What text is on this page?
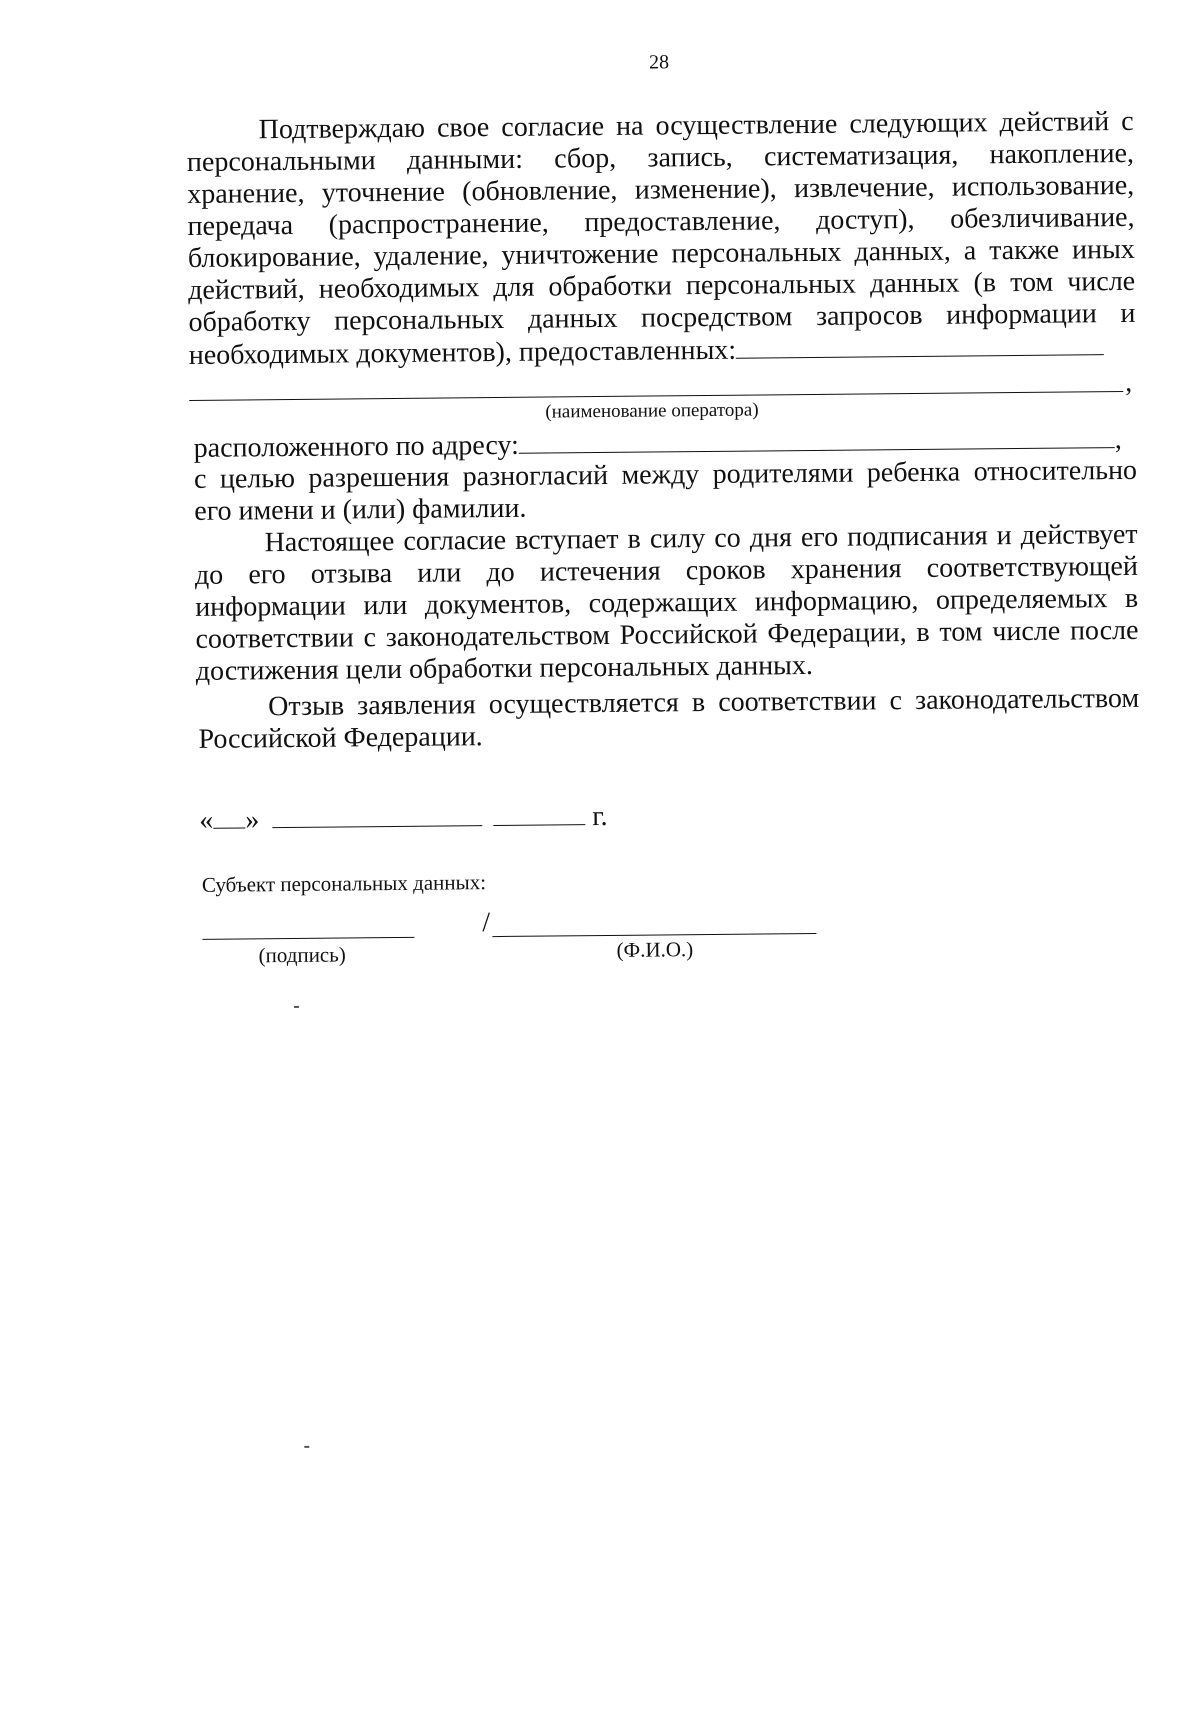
28
Подтверждаю свое согласие на осуществление следующих действий с
персональными данными: сбор, запись, систематизация, накопление,
хранение, уточнение (обновление, изменение), извлечение, использование,
передача (распространение, предоставление, доступ), обезличивание,
блокирование, удаление, уничтожение персональных данных, а также иных
действий, необходимых для обработки персональных данных (в том числе
обработку персональных данных посредством запросов информации и
необходимых документов), предоставленных:
,
(наименование оператора)
расположенного по адресу:	,
с целью разрешения разногласий между родителями ребенка относительно
его имени и (или) фамилии.
Настоящее согласие вступает в силу со дня его подписания и действует
до его отзыва или до истечения сроков хранения соответствующей
информации или документов, содержащих информацию, определяемых в
соответствии с законодательством Российской Федерации, в том числе после
достижения цели обработки персональных данных.
Отзыв заявления осуществляется в соответствии с законодательством
Российской Федерации.
« »	г.
Субъект персональных данных:
/
(подпись)	(Ф.И.О.)
